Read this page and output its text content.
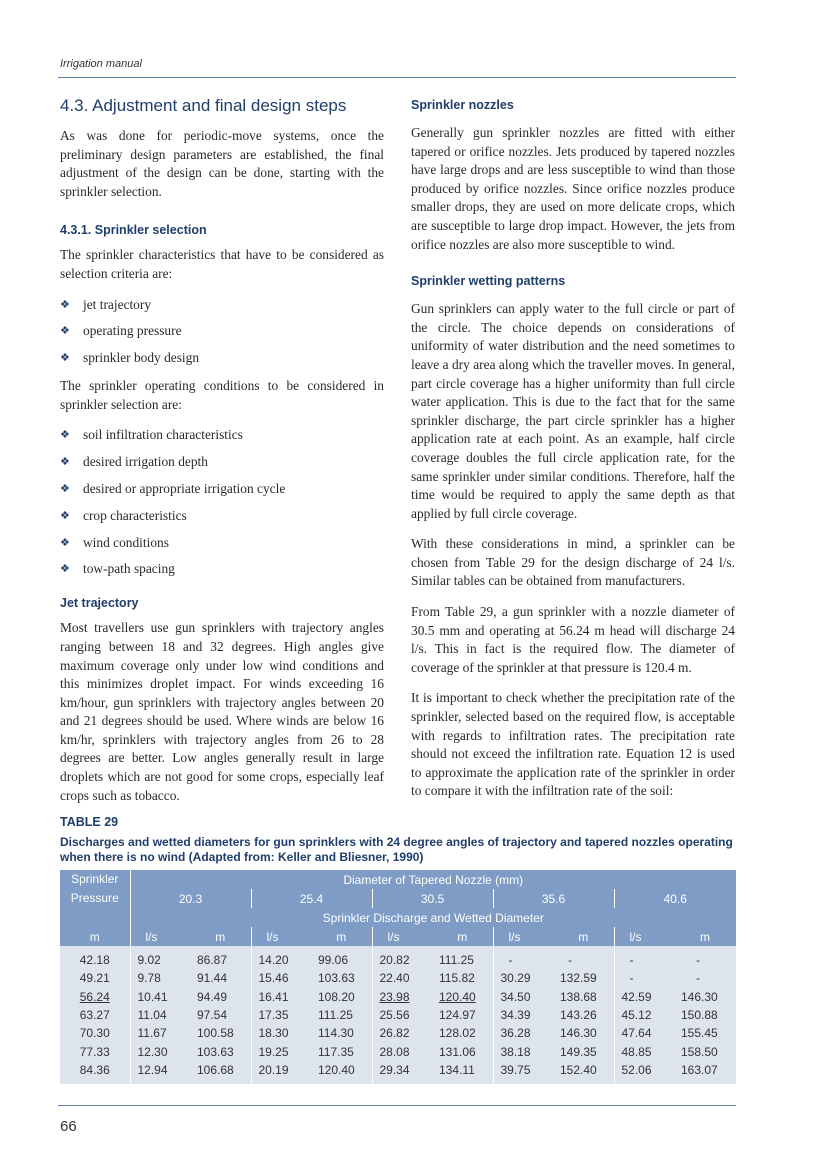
Irrigation manual
4.3. Adjustment and final design steps

As was done for periodic-move systems, once the preliminary design parameters are established, the final adjustment of the design can be done, starting with the sprinkler selection.

4.3.1. Sprinkler selection

The sprinkler characteristics that have to be considered as selection criteria are:

❖ jet trajectory
❖ operating pressure
❖ sprinkler body design

The sprinkler operating conditions to be considered in sprinkler selection are:

❖ soil infiltration characteristics
❖ desired irrigation depth
❖ desired or appropriate irrigation cycle
❖ crop characteristics
❖ wind conditions
❖ tow-path spacing
Jet trajectory

Most travellers use gun sprinklers with trajectory angles ranging between 18 and 32 degrees. High angles give maximum coverage only under low wind conditions and this minimizes droplet impact. For winds exceeding 16 km/hour, gun sprinklers with trajectory angles between 20 and 21 degrees should be used. Where winds are below 16 km/hr, sprinklers with trajectory angles from 26 to 28 degrees are better. Low angles generally result in large droplets which are not good for some crops, especially leaf crops such as tobacco.

Sprinkler nozzles

Generally gun sprinkler nozzles are fitted with either tapered or orifice nozzles. Jets produced by tapered nozzles have large drops and are less susceptible to wind than those produced by orifice nozzles. Since orifice nozzles produce smaller drops, they are used on more delicate crops, which are susceptible to large drop impact. However, the jets from orifice nozzles are also more susceptible to wind.

Sprinkler wetting patterns

Gun sprinklers can apply water to the full circle or part of the circle. The choice depends on considerations of uniformity of water distribution and the need sometimes to leave a dry area along which the traveller moves. In general, part circle coverage has a higher uniformity than full circle water application. This is due to the fact that for the same sprinkler discharge, the part circle sprinkler has a higher application rate at each point. As an example, half circle coverage doubles the full circle application rate, for the same sprinkler under similar conditions. Therefore, half the time would be required to apply the same depth as that applied by full circle coverage.

With these considerations in mind, a sprinkler can be chosen from Table 29 for the design discharge of 24 l/s. Similar tables can be obtained from manufacturers.

From Table 29, a gun sprinkler with a nozzle diameter of 30.5 mm and operating at 56.24 m head will discharge 24 l/s. This in fact is the required flow. The diameter of coverage of the sprinkler at that pressure is 120.4 m.

It is important to check whether the precipitation rate of the sprinkler, selected based on the required flow, is acceptable with regards to infiltration rates. The precipitation rate should not exceed the infiltration rate. Equation 12 is used to approximate the application rate of the sprinkler in order to compare it with the infiltration rate of the soil:

TABLE 29
Discharges and wetted diameters for gun sprinklers with 24 degree angles of trajectory and tapered nozzles operating when there is no wind (Adapted from: Keller and Bliesner, 1990)
Sprinkler
Pressure	Diameter of Tapered Nozzle (mm)									
	20.3		25.4		30.5		35.6		40.6	
	Sprinkler Discharge and Wetted Diameter									
m	l/s	m	l/s	m	l/s	m	l/s	m	l/s	m
42.18	9.02	86.87	14.20	99.06	20.82	111.25	-	-	-	-
49.21	9.78	91.44	15.46	103.63	22.40	115.82	30.29	132.59	-	-
56.24	10.41	94.49	16.41	108.20	23.98	120.40	34.50	138.68	42.59	146.30
63.27	11.04	97.54	17.35	111.25	25.56	124.97	34.39	143.26	45.12	150.88
70.30	11.67	100.58	18.30	114.30	26.82	128.02	36.28	146.30	47.64	155.45
77.33	12.30	103.63	19.25	117.35	28.08	131.06	38.18	149.35	48.85	158.50
84.36	12.94	106.68	20.19	120.40	29.34	134.11	39.75	152.40	52.06	163.07
66
